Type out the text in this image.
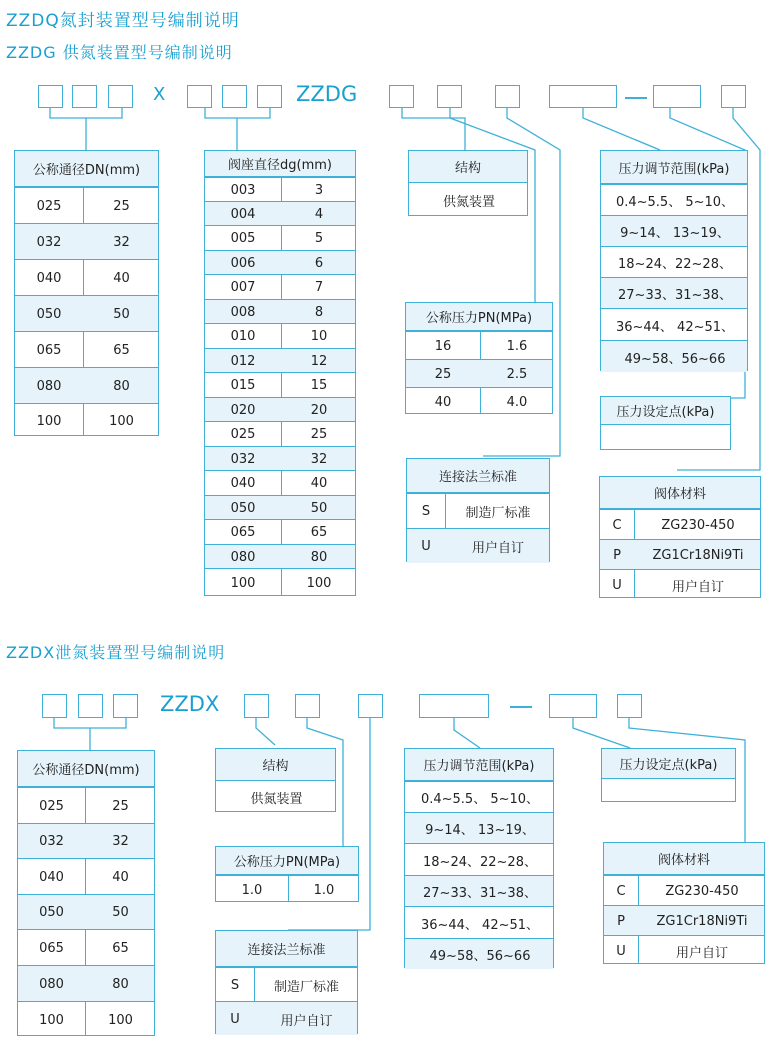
ZZDQ氮封装置型号编制说明
ZZDG 供氮装置型号编制说明
ZZDX泄氮装置型号编制说明
X	ZZDG
公称通径DN(mm)
025	25
032	32
040	40
050	50
065	65
080	80
100	100
阀座直径dg(mm)
003	3
004	4
005	5
006	6
007	7
008	8
010	10
012	12
015	15
020	20
025	25
032	32
040	40
050	50
065	65
080	80
100	100
结构
供氮装置
公称压力PN(MPa)
16	1.6
25	2.5
40	4.0
连接法兰标准
S	制造厂标准
U	用户自订
压力调节范围(kPa)
0.4~5.5、 5~10、
9~14、 13~19、
18~24、22~28、
27~33、31~38、
36~44、 42~51、
49~58、56~66
压力设定点(kPa)
阀体材料
C	ZG230-450
P	ZG1Cr18Ni9Ti
U	用户自订
ZZDX
公称通径DN(mm)
025	25
032	32
040	40
050	50
065	65
080	80
100	100
结构
供氮装置
公称压力PN(MPa)
1.0	1.0
连接法兰标准
S	制造厂标准
U	用户自订
压力调节范围(kPa)
0.4~5.5、 5~10、
9~14、 13~19、
18~24、22~28、
27~33、31~38、
36~44、 42~51、
49~58、56~66
压力设定点(kPa)
阀体材料
C	ZG230-450
P	ZG1Cr18Ni9Ti
U	用户自订
